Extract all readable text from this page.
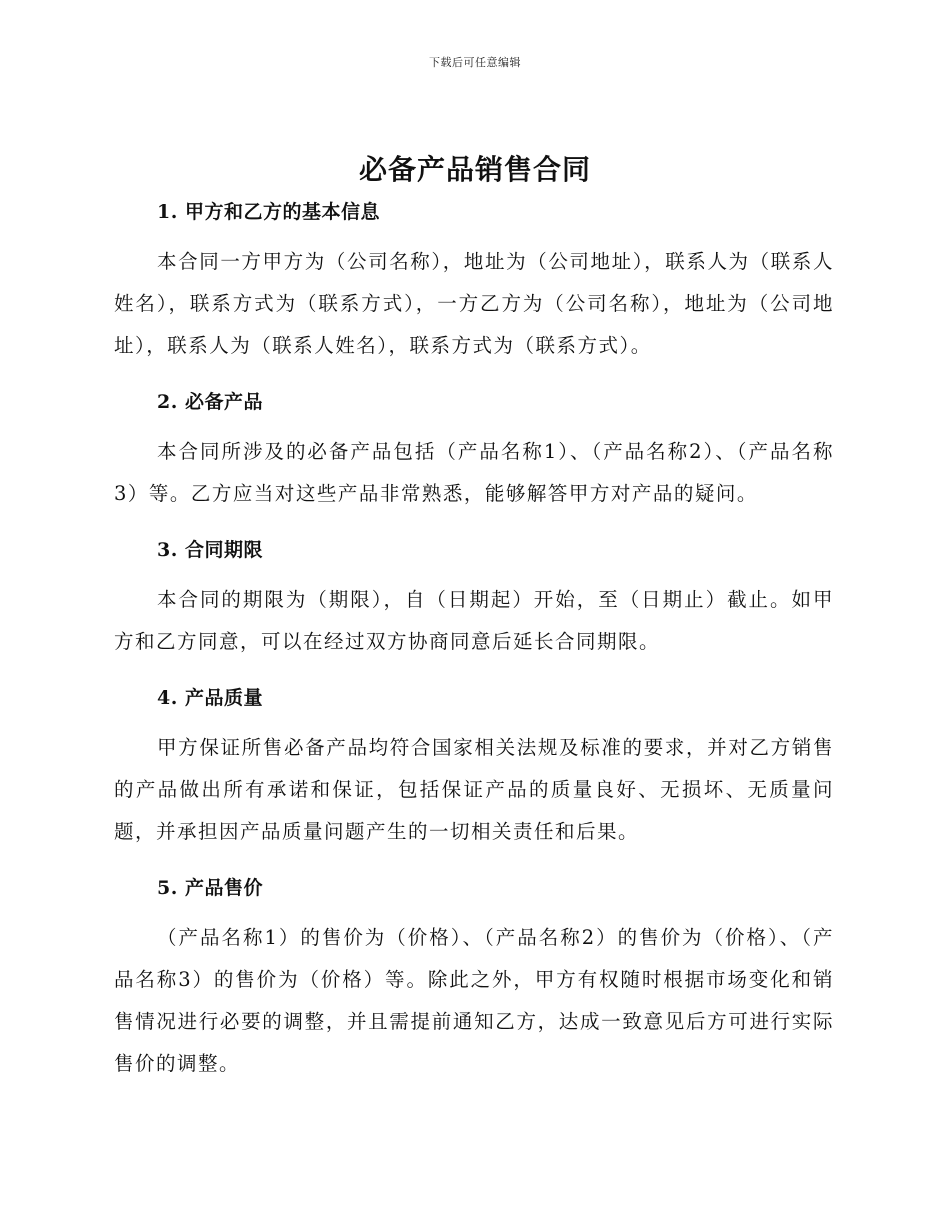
下载后可任意编辑
必备产品销售合同
1. 甲方和乙方的基本信息
本合同一方甲方为（公司名称），地址为（公司地址），联系人为（联系人姓名），联系方式为（联系方式），一方乙方为（公司名称），地址为（公司地址），联系人为（联系人姓名），联系方式为（联系方式）。
2. 必备产品
本合同所涉及的必备产品包括（产品名称1）、（产品名称2）、（产品名称3）等。乙方应当对这些产品非常熟悉，能够解答甲方对产品的疑问。
3. 合同期限
本合同的期限为（期限），自（日期起）开始，至（日期止）截止。如甲方和乙方同意，可以在经过双方协商同意后延长合同期限。
4. 产品质量
甲方保证所售必备产品均符合国家相关法规及标准的要求，并对乙方销售的产品做出所有承诺和保证，包括保证产品的质量良好、无损坏、无质量问题，并承担因产品质量问题产生的一切相关责任和后果。
5. 产品售价
（产品名称1）的售价为（价格）、（产品名称2）的售价为（价格）、（产品名称3）的售价为（价格）等。除此之外，甲方有权随时根据市场变化和销售情况进行必要的调整，并且需提前通知乙方，达成一致意见后方可进行实际售价的调整。
